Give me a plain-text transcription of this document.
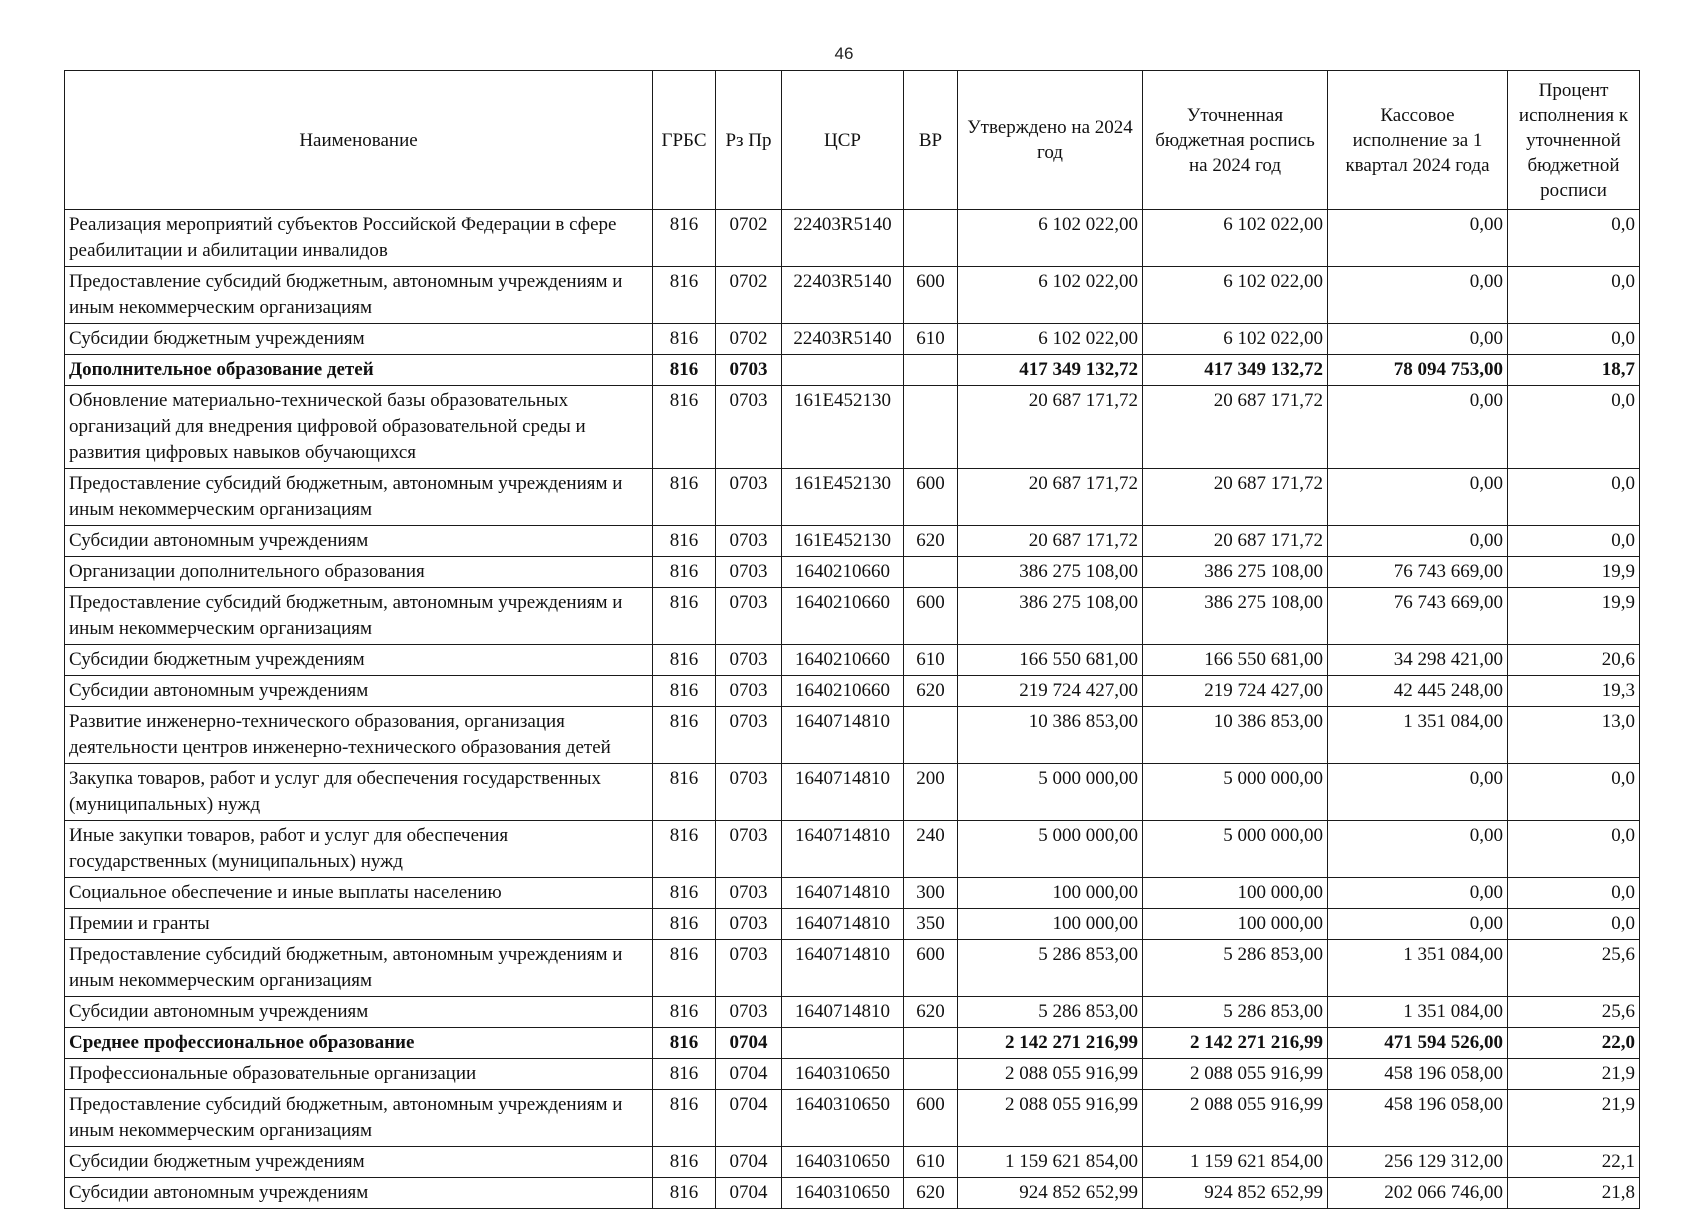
46
Наименование	ГРБС	Рз Пр	ЦСР	ВР	Утверждено на 2024 год	Уточненная бюджетная роспись на 2024 год	Кассовое исполнение за 1 квартал 2024 года	Процент исполнения к уточненной бюджетной росписи
Реализация мероприятий субъектов Российской Федерации в сфере реабилитации и абилитации инвалидов	816	0702	22403R5140		6 102 022,00	6 102 022,00	0,00	0,0
Предоставление субсидий бюджетным, автономным учреждениям и иным некоммерческим организациям	816	0702	22403R5140	600	6 102 022,00	6 102 022,00	0,00	0,0
Субсидии бюджетным учреждениям	816	0702	22403R5140	610	6 102 022,00	6 102 022,00	0,00	0,0
Дополнительное образование детей	816	0703			417 349 132,72	417 349 132,72	78 094 753,00	18,7
Обновление материально-технической базы образовательных организаций для внедрения цифровой образовательной среды и развития цифровых навыков обучающихся	816	0703	161E452130		20 687 171,72	20 687 171,72	0,00	0,0
Предоставление субсидий бюджетным, автономным учреждениям и иным некоммерческим организациям	816	0703	161E452130	600	20 687 171,72	20 687 171,72	0,00	0,0
Субсидии автономным учреждениям	816	0703	161E452130	620	20 687 171,72	20 687 171,72	0,00	0,0
Организации дополнительного образования	816	0703	1640210660		386 275 108,00	386 275 108,00	76 743 669,00	19,9
Предоставление субсидий бюджетным, автономным учреждениям и иным некоммерческим организациям	816	0703	1640210660	600	386 275 108,00	386 275 108,00	76 743 669,00	19,9
Субсидии бюджетным учреждениям	816	0703	1640210660	610	166 550 681,00	166 550 681,00	34 298 421,00	20,6
Субсидии автономным учреждениям	816	0703	1640210660	620	219 724 427,00	219 724 427,00	42 445 248,00	19,3
Развитие инженерно-технического образования, организация деятельности центров инженерно-технического образования детей	816	0703	1640714810		10 386 853,00	10 386 853,00	1 351 084,00	13,0
Закупка товаров, работ и услуг для обеспечения государственных (муниципальных) нужд	816	0703	1640714810	200	5 000 000,00	5 000 000,00	0,00	0,0
Иные закупки товаров, работ и услуг для обеспечения государственных (муниципальных) нужд	816	0703	1640714810	240	5 000 000,00	5 000 000,00	0,00	0,0
Социальное обеспечение и иные выплаты населению	816	0703	1640714810	300	100 000,00	100 000,00	0,00	0,0
Премии и гранты	816	0703	1640714810	350	100 000,00	100 000,00	0,00	0,0
Предоставление субсидий бюджетным, автономным учреждениям и иным некоммерческим организациям	816	0703	1640714810	600	5 286 853,00	5 286 853,00	1 351 084,00	25,6
Субсидии автономным учреждениям	816	0703	1640714810	620	5 286 853,00	5 286 853,00	1 351 084,00	25,6
Среднее профессиональное образование	816	0704			2 142 271 216,99	2 142 271 216,99	471 594 526,00	22,0
Профессиональные образовательные организации	816	0704	1640310650		2 088 055 916,99	2 088 055 916,99	458 196 058,00	21,9
Предоставление субсидий бюджетным, автономным учреждениям и иным некоммерческим организациям	816	0704	1640310650	600	2 088 055 916,99	2 088 055 916,99	458 196 058,00	21,9
Субсидии бюджетным учреждениям	816	0704	1640310650	610	1 159 621 854,00	1 159 621 854,00	256 129 312,00	22,1
Субсидии автономным учреждениям	816	0704	1640310650	620	924 852 652,99	924 852 652,99	202 066 746,00	21,8
